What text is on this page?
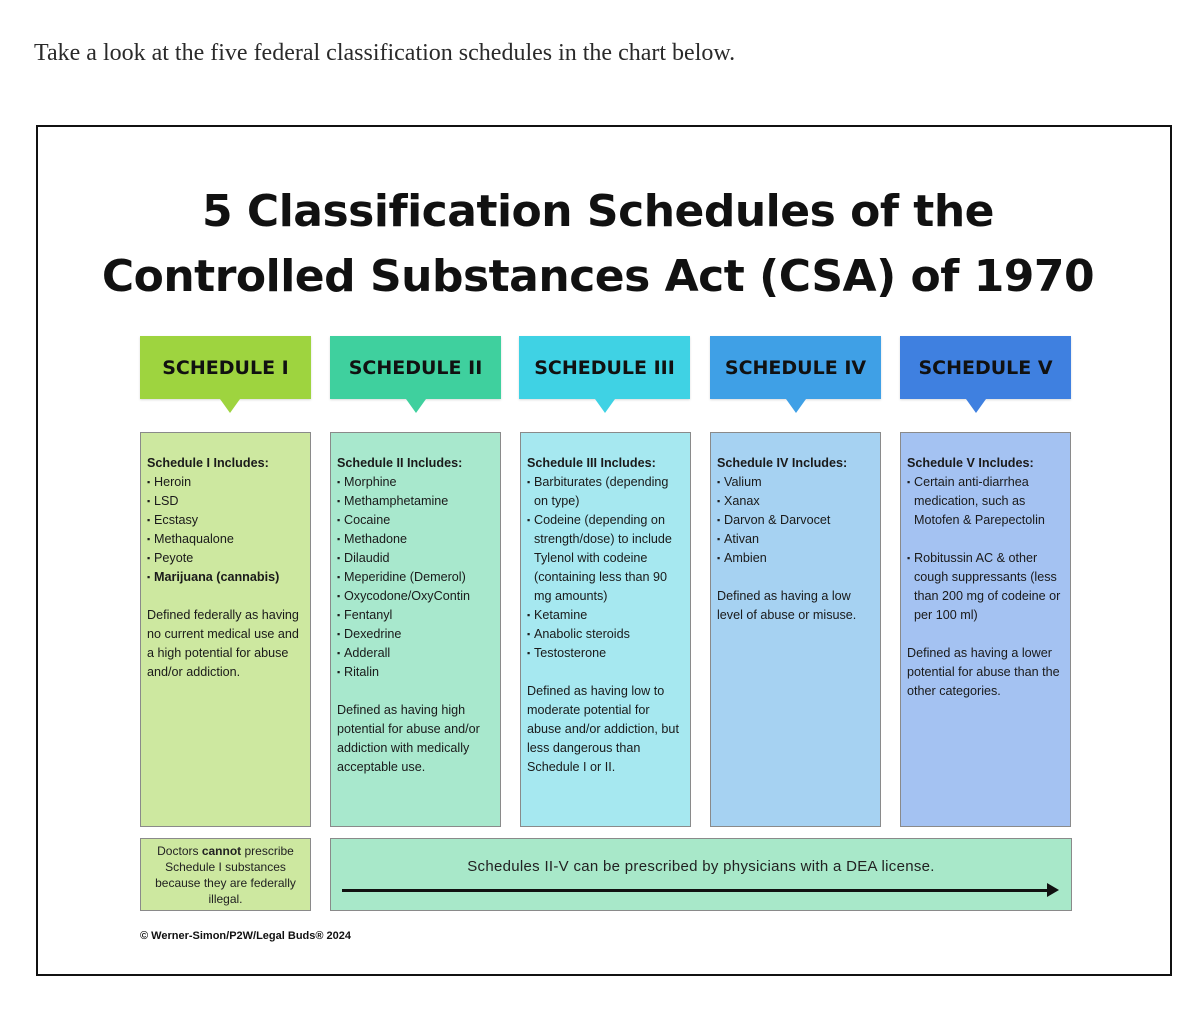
Take a look at the five federal classification schedules in the chart below.

5 Classification Schedules of the
Controlled Substances Act (CSA) of 1970
SCHEDULE I
Schedule I Includes:
▪ Heroin
▪ LSD
▪ Ecstasy
▪ Methaqualone
▪ Peyote
▪ Marijuana (cannabis)
Defined federally as having no current medical use and a high potential for abuse and/or addiction.
SCHEDULE II
Schedule II Includes:
▪ Morphine
▪ Methamphetamine
▪ Cocaine
▪ Methadone
▪ Dilaudid
▪ Meperidine (Demerol)
▪ Oxycodone/OxyContin
▪ Fentanyl
▪ Dexedrine
▪ Adderall
▪ Ritalin
Defined as having high potential for abuse and/or addiction with medically acceptable use.
SCHEDULE III
Schedule III Includes:
▪ Barbiturates (depending on type)
▪ Codeine (depending on strength/dose) to include Tylenol with codeine (containing less than 90 mg amounts)
▪ Ketamine
▪ Anabolic steroids
▪ Testosterone
Defined as having low to moderate potential for abuse and/or addiction, but less dangerous than Schedule I or II.
SCHEDULE IV
Schedule IV Includes:
▪ Valium
▪ Xanax
▪ Darvon & Darvocet
▪ Ativan
▪ Ambien
Defined as having a low level of abuse or misuse.
SCHEDULE V
Schedule V Includes:
▪ Certain anti-diarrhea medication, such as Motofen & Parepectolin
▪ Robitussin AC & other cough suppressants (less than 200 mg of codeine or per 100 ml)
Defined as having a lower potential for abuse than the other categories.
Doctors cannot prescribe Schedule I substances because they are federally illegal.
Schedules II-V can be prescribed by physicians with a DEA license.
© Werner-Simon/P2W/Legal Buds® 2024
